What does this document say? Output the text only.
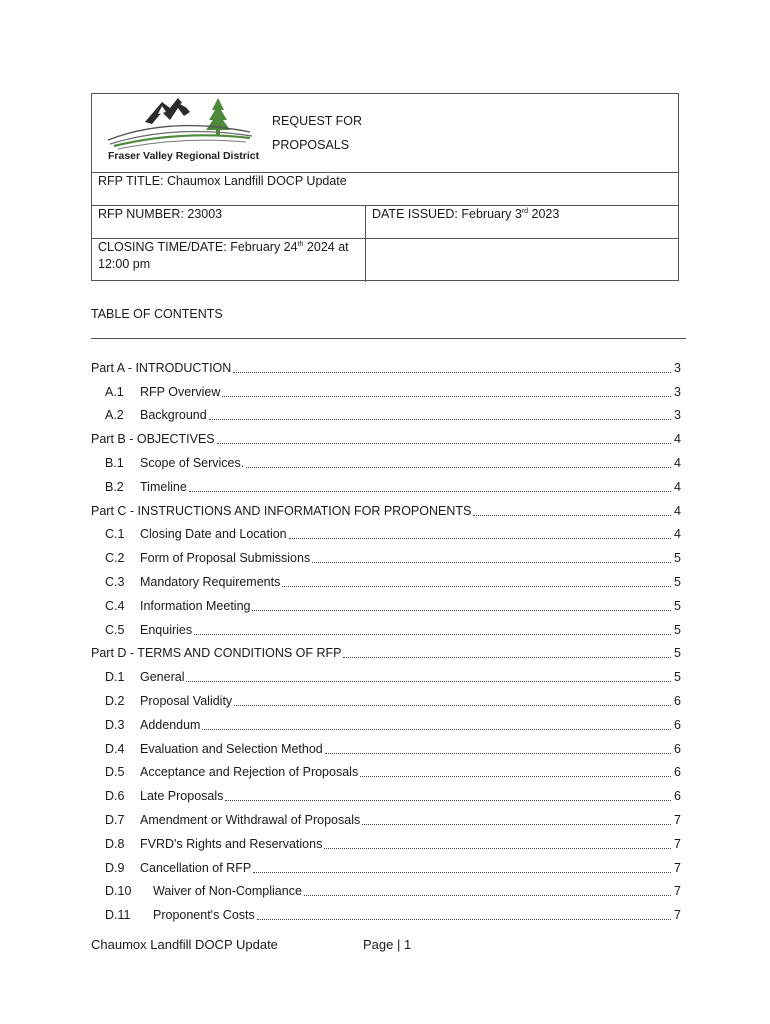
Fraser Valley Regional District
REQUEST FOR
PROPOSALS
RFP TITLE: Chaumox Landfill DOCP Update
RFP NUMBER: 23003	DATE ISSUED: February 3rd 2023
CLOSING TIME/DATE: February 24th 2024 at
12:00 pm
TABLE OF CONTENTS
Part A - INTRODUCTION	3
A.1	RFP Overview	3
A.2	Background	3
Part B - OBJECTIVES	4
B.1	Scope of Services.	4
B.2	Timeline	4
Part C - INSTRUCTIONS AND INFORMATION FOR PROPONENTS	4
C.1	Closing Date and Location	4
C.2	Form of Proposal Submissions	5
C.3	Mandatory Requirements	5
C.4	Information Meeting	5
C.5	Enquiries	5
Part D - TERMS AND CONDITIONS OF RFP	5
D.1	General	5
D.2	Proposal Validity	6
D.3	Addendum	6
D.4	Evaluation and Selection Method	6
D.5	Acceptance and Rejection of Proposals	6
D.6	Late Proposals	6
D.7	Amendment or Withdrawal of Proposals	7
D.8	FVRD's Rights and Reservations	7
D.9	Cancellation of RFP	7
D.10	Waiver of Non-Compliance	7
D.11	Proponent's Costs	7
Chaumox Landfill DOCP Update	Page | 1
